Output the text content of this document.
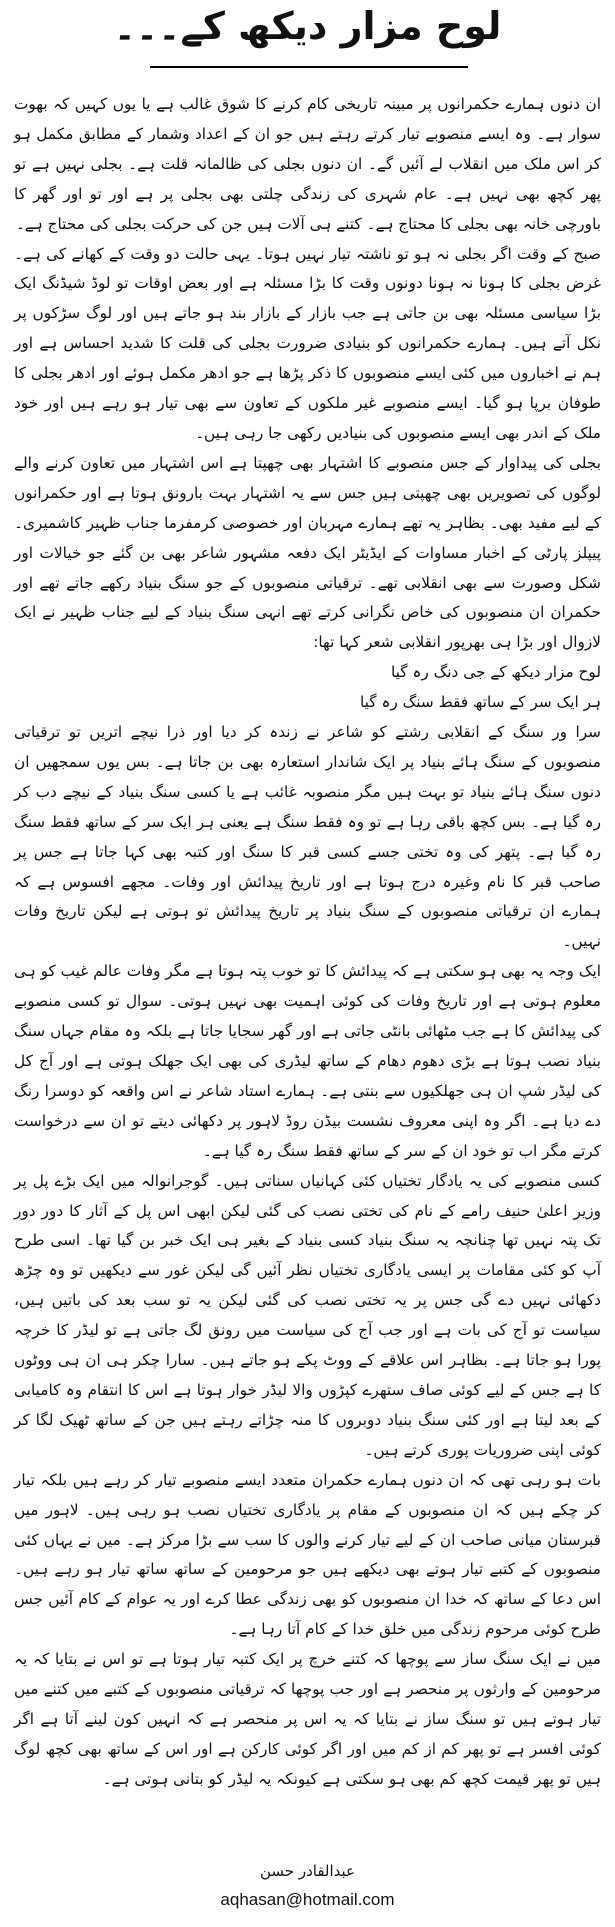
لوح مزار دیکھ کے۔۔۔

ان دنوں ہمارے حکمرانوں پر مبینہ تاریخی کام کرنے کا شوق غالب ہے یا یوں کہیں کہ بھوت سوار ہے۔ وہ ایسے منصوبے تیار کرتے رہتے ہیں جو ان کے اعداد وشمار کے مطابق مکمل ہو کر اس ملک میں انقلاب لے آئیں گے۔ ان دنوں بجلی کی ظالمانہ قلت ہے۔ بجلی نہیں ہے تو پھر کچھ بھی نہیں ہے۔ عام شہری کی زندگی چلتی بھی بجلی پر ہے اور تو اور گھر کا باورچی خانہ بھی بجلی کا محتاج ہے۔ کتنے ہی آلات ہیں جن کی حرکت بجلی کی محتاج ہے۔

صبح کے وقت اگر بجلی نہ ہو تو ناشتہ تیار نہیں ہوتا۔ یہی حالت دو وقت کے کھانے کی ہے۔ غرض بجلی کا ہونا نہ ہونا دونوں وقت کا بڑا مسئلہ ہے اور بعض اوقات تو لوڈ شیڈنگ ایک بڑا سیاسی مسئلہ بھی بن جاتی ہے جب بازار کے بازار بند ہو جاتے ہیں اور لوگ سڑکوں پر نکل آتے ہیں۔ ہمارے حکمرانوں کو بنیادی ضرورت بجلی کی قلت کا شدید احساس ہے اور ہم نے اخباروں میں کئی ایسے منصوبوں کا ذکر پڑھا ہے جو ادھر مکمل ہوئے اور ادھر بجلی کا طوفان برپا ہو گیا۔ ایسے منصوبے غیر ملکوں کے تعاون سے بھی تیار ہو رہے ہیں اور خود ملک کے اندر بھی ایسے منصوبوں کی بنیادیں رکھی جا رہی ہیں۔

بجلی کی پیداوار کے جس منصوبے کا اشتہار بھی چھپتا ہے اس اشتہار میں تعاون کرنے والے لوگوں کی تصویریں بھی چھپتی ہیں جس سے یہ اشتہار بہت بارونق ہوتا ہے اور حکمرانوں کے لیے مفید بھی۔ بظاہر یہ تھے ہمارے مہربان اور خصوصی کرمفرما جناب ظہیر کاشمیری۔ پیپلز پارٹی کے اخبار مساوات کے ایڈیٹر ایک دفعہ مشہور شاعر بھی بن گئے جو خیالات اور شکل وصورت سے بھی انقلابی تھے۔ ترقیاتی منصوبوں کے جو سنگ بنیاد رکھے جاتے تھے اور حکمران ان منصوبوں کی خاص نگرانی کرتے تھے انہی سنگ بنیاد کے لیے جناب ظہیر نے ایک لازوال اور بڑا ہی بھرپور انقلابی شعر کہا تھا:

لوح مزار دیکھ کے جی دنگ رہ گیا

ہر ایک سر کے ساتھ فقط سنگ رہ گیا

سرا ور سنگ کے انقلابی رشتے کو شاعر نے زندہ کر دیا اور ذرا نیچے اتریں تو ترقیاتی منصوبوں کے سنگ ہائے بنیاد پر ایک شاندار استعارہ بھی بن جاتا ہے۔ بس یوں سمجھیں ان دنوں سنگ ہائے بنیاد تو بہت ہیں مگر منصوبہ غائب ہے یا کسی سنگ بنیاد کے نیچے دب کر رہ گیا ہے۔ بس کچھ باقی رہا ہے تو وہ فقط سنگ ہے یعنی ہر ایک سر کے ساتھ فقط سنگ رہ گیا ہے۔ پتھر کی وہ تختی جسے کسی قبر کا سنگ اور کتبہ بھی کہا جاتا ہے جس پر صاحب قبر کا نام وغیرہ درج ہوتا ہے اور تاریخ پیدائش اور وفات۔ مجھے افسوس ہے کہ ہمارے ان ترقیاتی منصوبوں کے سنگ بنیاد پر تاریخ پیدائش تو ہوتی ہے لیکن تاریخ وفات نہیں۔

ایک وجہ یہ بھی ہو سکتی ہے کہ پیدائش کا تو خوب پتہ ہوتا ہے مگر وفات عالم غیب کو ہی معلوم ہوتی ہے اور تاریخ وفات کی کوئی اہمیت بھی نہیں ہوتی۔ سوال تو کسی منصوبے کی پیدائش کا ہے جب مٹھائی بانٹی جاتی ہے اور گھر سجایا جاتا ہے بلکہ وہ مقام جہاں سنگ بنیاد نصب ہوتا ہے بڑی دھوم دھام کے ساتھ لیڈری کی بھی ایک جھلک ہوتی ہے اور آج کل کی لیڈر شپ ان ہی جھلکیوں سے بنتی ہے۔ ہمارے استاد شاعر نے اس واقعہ کو دوسرا رنگ دے دیا ہے۔ اگر وہ اپنی معروف نشست بیڈن روڈ لاہور پر دکھائی دیتے تو ان سے درخواست کرتے مگر اب تو خود ان کے سر کے ساتھ فقط سنگ رہ گیا ہے۔

کسی منصوبے کی یہ یادگار تختیاں کئی کہانیاں سناتی ہیں۔ گوجرانوالہ میں ایک بڑے پل پر وزیر اعلیٰ حنیف رامے کے نام کی تختی نصب کی گئی لیکن ابھی اس پل کے آثار کا دور دور تک پتہ نہیں تھا چنانچہ یہ سنگ بنیاد کسی بنیاد کے بغیر ہی ایک خبر بن گیا تھا۔ اسی طرح آپ کو کئی مقامات پر ایسی یادگاری تختیاں نظر آئیں گی لیکن غور سے دیکھیں تو وہ چڑھ دکھائی نہیں دے گی جس پر یہ تختی نصب کی گئی لیکن یہ تو سب بعد کی باتیں ہیں، سیاست تو آج کی بات ہے اور جب آج کی سیاست میں رونق لگ جاتی ہے تو لیڈر کا خرچہ پورا ہو جاتا ہے۔ بظاہر اس علاقے کے ووٹ پکے ہو جاتے ہیں۔ سارا چکر ہی ان ہی ووٹوں کا ہے جس کے لیے کوئی صاف ستھرے کپڑوں والا لیڈر خوار ہوتا ہے اس کا انتقام وہ کامیابی کے بعد لیتا ہے اور کئی سنگ بنیاد دوبروں کا منہ چڑاتے رہتے ہیں جن کے ساتھ ٹھیک لگا کر کوئی اپنی ضروریات پوری کرتے ہیں۔

بات ہو رہی تھی کہ ان دنوں ہمارے حکمران متعدد ایسے منصوبے تیار کر رہے ہیں بلکہ تیار کر چکے ہیں کہ ان منصوبوں کے مقام پر یادگاری تختیاں نصب ہو رہی ہیں۔ لاہور میں قبرستان میانی صاحب ان کے لیے تیار کرنے والوں کا سب سے بڑا مرکز ہے۔ میں نے یہاں کئی منصوبوں کے کتبے تیار ہوتے بھی دیکھے ہیں جو مرحومین کے ساتھ ساتھ تیار ہو رہے ہیں۔ اس دعا کے ساتھ کہ خدا ان منصوبوں کو بھی زندگی عطا کرے اور یہ عوام کے کام آئیں جس طرح کوئی مرحوم زندگی میں خلق خدا کے کام آتا رہا ہے۔

میں نے ایک سنگ ساز سے پوچھا کہ کتنے خرچ پر ایک کتبہ تیار ہوتا ہے تو اس نے بتایا کہ یہ مرحومین کے وارثوں پر منحصر ہے اور جب پوچھا کہ ترقیاتی منصوبوں کے کتبے میں کتنے میں تیار ہوتے ہیں تو سنگ ساز نے بتایا کہ یہ اس پر منحصر ہے کہ انہیں کون لینے آتا ہے اگر کوئی افسر ہے تو پھر کم از کم میں اور اگر کوئی کارکن ہے اور اس کے ساتھ بھی کچھ لوگ ہیں تو پھر قیمت کچھ کم بھی ہو سکتی ہے کیونکہ یہ لیڈر کو بتانی ہوتی ہے۔

عبدالقادر حسن
aqhasan@hotmail.com
